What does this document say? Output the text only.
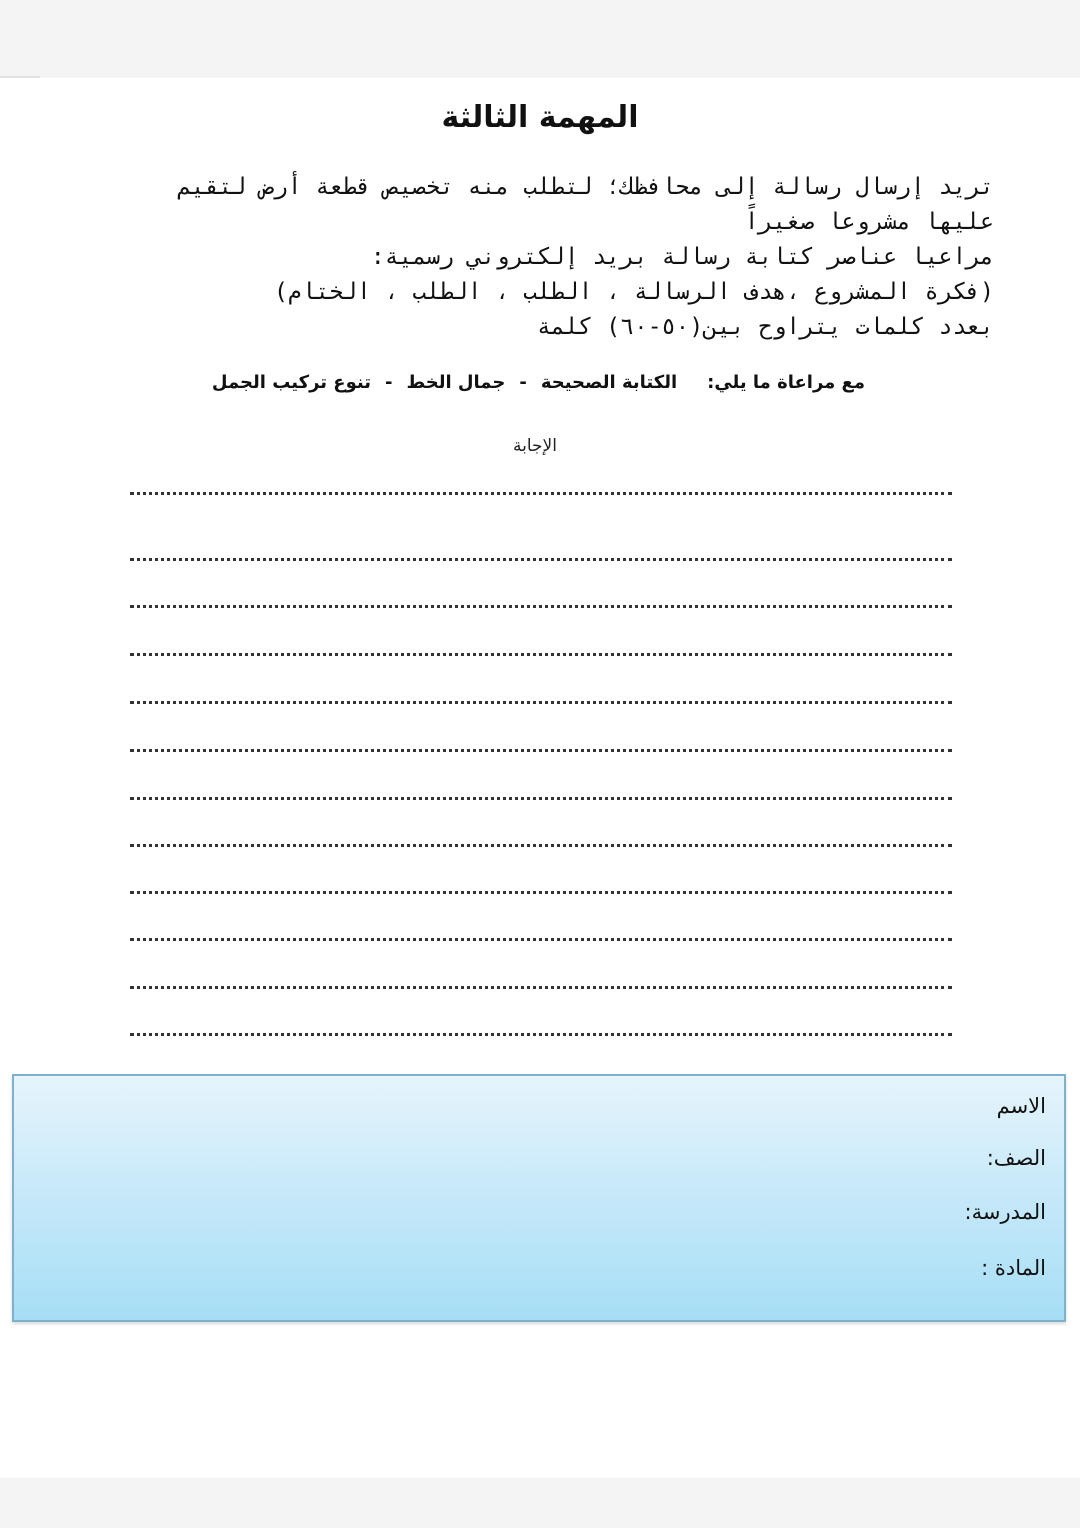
المهمة الثالثة
تريد إرسال رسالة إلى محافظك؛ لتطلب منه تخصيص قطعة أرض لتقيم
عليها مشروعا صغيراً
مراعيا عناصر كتابة رسالة بريد إلكتروني رسمية:
(فكرة المشروع ،هدف الرسالة ، الطلب ، الطلب ، الختام)
بعدد كلمات يتراوح بين(٥٠-٦٠) كلمة
مع مراعاة ما يلي:الكتابة الصحيحة-جمال الخط-تنوع تركيب الجمل
الإجابة
الاسم
الصف:
المدرسة:
المادة :
